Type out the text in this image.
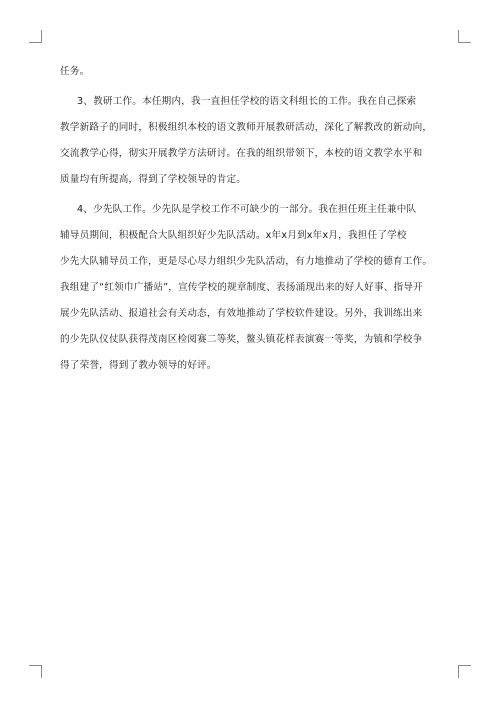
任务。
3、教研工作。本任期内，我一直担任学校的语文科组长的工作。我在自己探索
教学新路子的同时，积极组织本校的语文教师开展教研活动，深化了解教改的新动向，
交流教学心得，彻实开展教学方法研讨。在我的组织带领下，本校的语文教学水平和
质量均有所提高，得到了学校领导的肯定。
4、少先队工作。少先队是学校工作不可缺少的一部分。我在担任班主任兼中队
辅导员期间，积极配合大队组织好少先队活动。x年x月到x年x月，我担任了学校
少先大队辅导员工作，更是尽心尽力组织少先队活动，有力地推动了学校的德育工作。
我组建了“红领巾广播站”，宣传学校的规章制度、表扬涌现出来的好人好事、指导开
展少先队活动、报道社会有关动态，有效地推动了学校软件建设。另外，我训练出来
的少先队仪仗队获得茂南区检阅赛二等奖，鳌头镇花样表演赛一等奖，为镇和学校争
得了荣誉，得到了教办领导的好评。
